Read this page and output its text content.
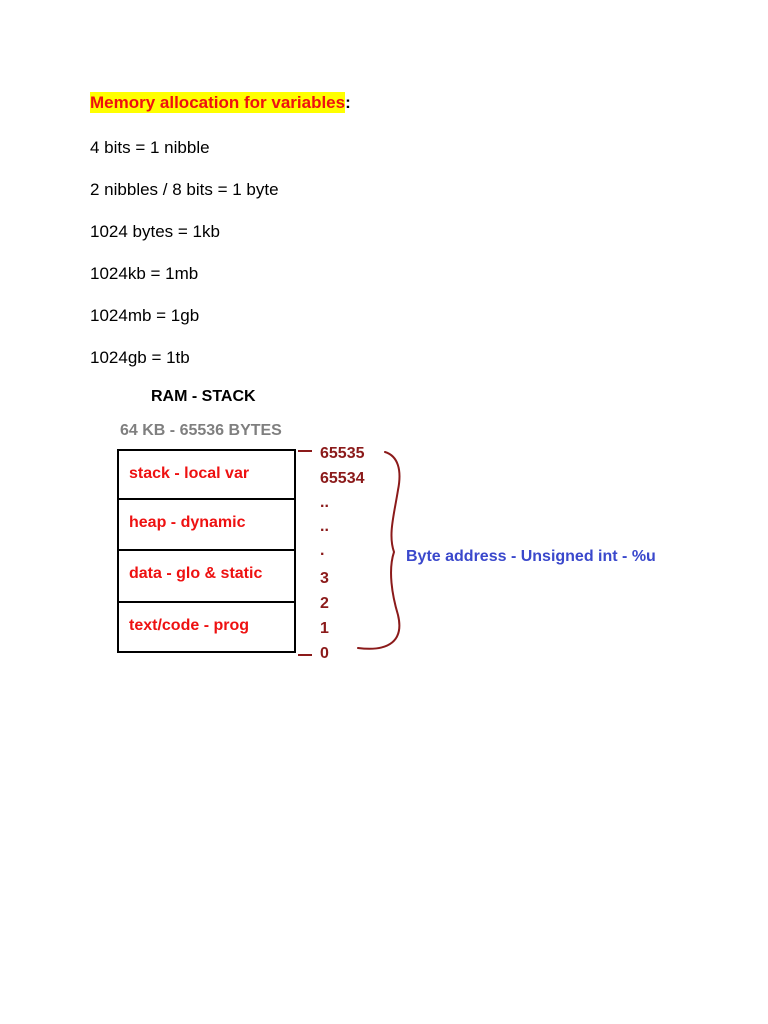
Memory allocation for variables:
4 bits = 1 nibble
2 nibbles / 8 bits = 1 byte
1024 bytes = 1kb
1024kb = 1mb
1024mb = 1gb
1024gb = 1tb
RAM - STACK
64 KB - 65536 BYTES
stack - local var
heap - dynamic
data - glo & static
text/code - prog
65535
65534
..
..
.
3
2
1
0
Byte address - Unsigned int - %u
